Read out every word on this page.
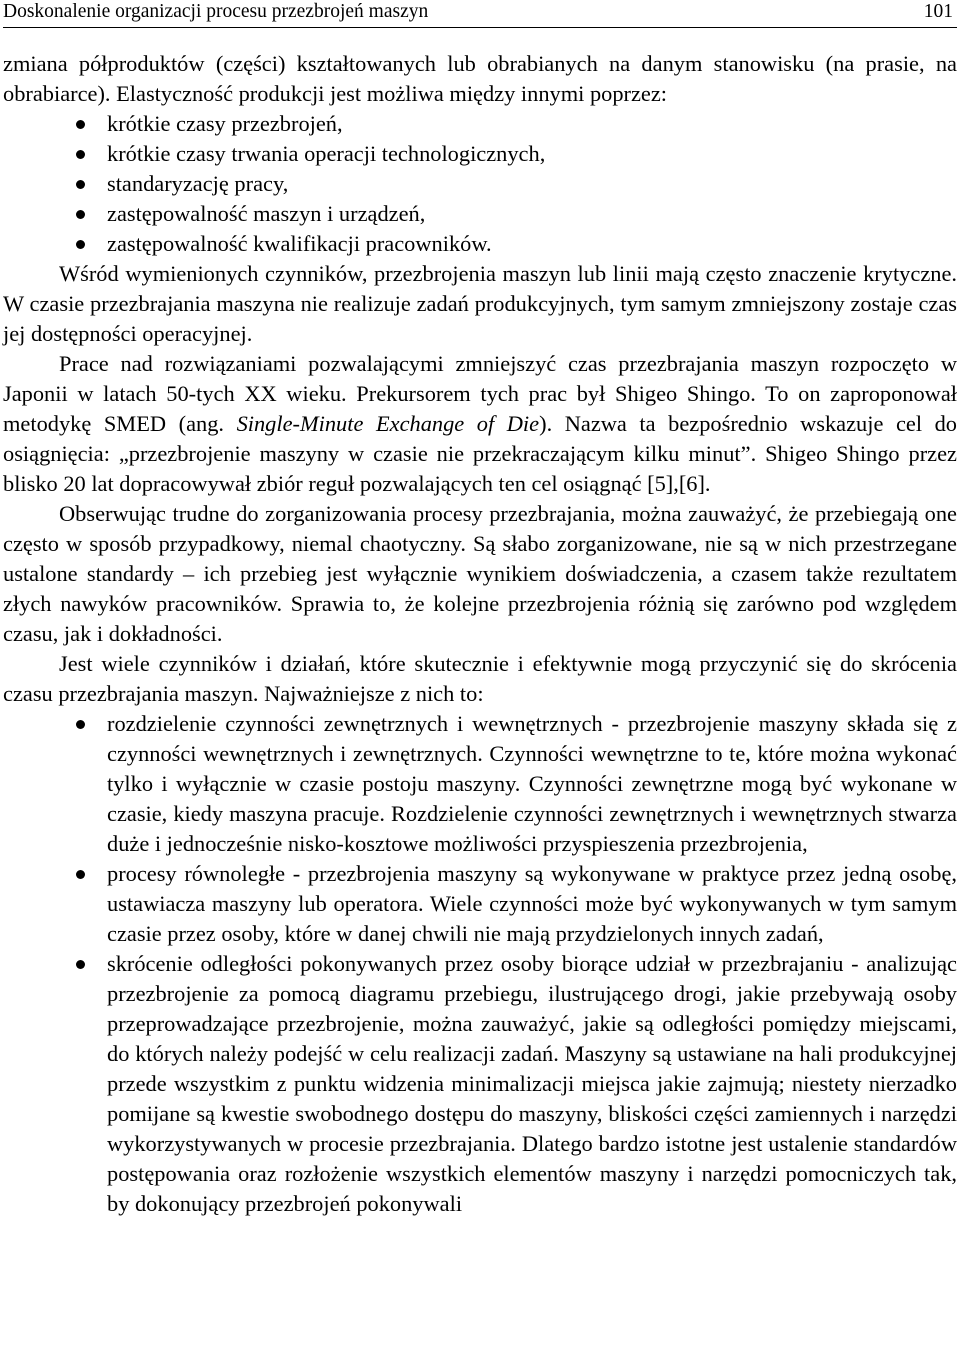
Doskonalenie organizacji procesu przezbrojeń maszyn	101

zmiana półproduktów (części) kształtowanych lub obrabianych na danym stanowisku (na prasie, na obrabiarce). Elastyczność produkcji jest możliwa między innymi poprzez:

krótkie czasy przezbrojeń,
krótkie czasy trwania operacji technologicznych,
standaryzację pracy,
zastępowalność maszyn i urządzeń,
zastępowalność kwalifikacji pracowników.

Wśród wymienionych czynników, przezbrojenia maszyn lub linii mają często znaczenie krytyczne. W czasie przezbrajania maszyna nie realizuje zadań produkcyjnych, tym samym zmniejszony zostaje czas jej dostępności operacyjnej.

Prace nad rozwiązaniami pozwalającymi zmniejszyć czas przezbrajania maszyn rozpoczęto w Japonii w latach 50-tych XX wieku. Prekursorem tych prac był Shigeo Shingo. To on zaproponował metodykę SMED (ang. Single-Minute Exchange of Die). Nazwa ta bezpośrednio wskazuje cel do osiągnięcia: „przezbrojenie maszyny w czasie nie przekraczającym kilku minut”. Shigeo Shingo przez blisko 20 lat dopracowywał zbiór reguł pozwalających ten cel osiągnąć [5],[6].

Obserwując trudne do zorganizowania procesy przezbrajania, można zauważyć, że przebiegają one często w sposób przypadkowy, niemal chaotyczny. Są słabo zorganizowane, nie są w nich przestrzegane ustalone standardy – ich przebieg jest wyłącznie wynikiem doświadczenia, a czasem także rezultatem złych nawyków pracowników. Sprawia to, że kolejne przezbrojenia różnią się zarówno pod względem czasu, jak i dokładności.

Jest wiele czynników i działań, które skutecznie i efektywnie mogą przyczynić się do skrócenia czasu przezbrajania maszyn. Najważniejsze z nich to:

rozdzielenie czynności zewnętrznych i wewnętrznych - przezbrojenie maszyny składa się z czynności wewnętrznych i zewnętrznych. Czynności wewnętrzne to te, które można wykonać tylko i wyłącznie w czasie postoju maszyny. Czynności zewnętrzne mogą być wykonane w czasie, kiedy maszyna pracuje. Rozdzielenie czynności zewnętrznych i wewnętrznych stwarza duże i jednocześnie nisko-kosztowe możliwości przyspieszenia przezbrojenia,
procesy równoległe - przezbrojenia maszyny są wykonywane w praktyce przez jedną osobę, ustawiacza maszyny lub operatora. Wiele czynności może być wykonywanych w tym samym czasie przez osoby, które w danej chwili nie mają przydzielonych innych zadań,
skrócenie odległości pokonywanych przez osoby biorące udział w przezbrajaniu - analizując przezbrojenie za pomocą diagramu przebiegu, ilustrującego drogi, jakie przebywają osoby przeprowadzające przezbrojenie, można zauważyć, jakie są odległości pomiędzy miejscami, do których należy podejść w celu realizacji zadań. Maszyny są ustawiane na hali produkcyjnej przede wszystkim z punktu widzenia minimalizacji miejsca jakie zajmują; niestety nierzadko pomijane są kwestie swobodnego dostępu do maszyny, bliskości części zamiennych i narzędzi wykorzystywanych w procesie przezbrajania. Dlatego bardzo istotne jest ustalenie standardów postępowania oraz rozłożenie wszystkich elementów maszyny i narzędzi pomocniczych tak, by dokonujący przezbrojeń pokonywali
